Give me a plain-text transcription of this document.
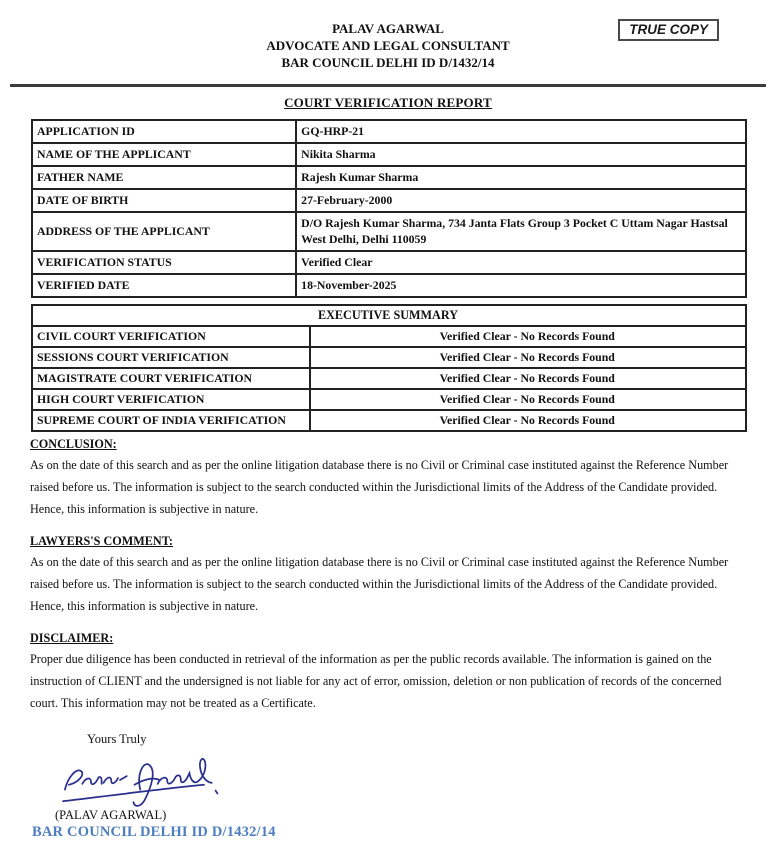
PALAV AGARWAL
ADVOCATE AND LEGAL CONSULTANT
BAR COUNCIL DELHI ID D/1432/14
TRUE COPY
COURT VERIFICATION REPORT
APPLICATION ID	GQ-HRP-21
NAME OF THE APPLICANT	Nikita Sharma
FATHER NAME	Rajesh Kumar Sharma
DATE OF BIRTH	27-February-2000
ADDRESS OF THE APPLICANT	D/O Rajesh Kumar Sharma, 734 Janta Flats Group 3 Pocket C Uttam Nagar Hastsal West Delhi, Delhi 110059
VERIFICATION STATUS	Verified Clear
VERIFIED DATE	18-November-2025
EXECUTIVE SUMMARY	
CIVIL COURT VERIFICATION	Verified Clear - No Records Found
SESSIONS COURT VERIFICATION	Verified Clear - No Records Found
MAGISTRATE COURT VERIFICATION	Verified Clear - No Records Found
HIGH COURT VERIFICATION	Verified Clear - No Records Found
SUPREME COURT OF INDIA VERIFICATION	Verified Clear - No Records Found
CONCLUSION:
As on the date of this search and as per the online litigation database there is no Civil or Criminal case instituted against the Reference Number raised before us. The information is subject to the search conducted within the Jurisdictional limits of the Address of the Candidate provided. Hence, this information is subjective in nature.
LAWYERS'S COMMENT:
As on the date of this search and as per the online litigation database there is no Civil or Criminal case instituted against the Reference Number raised before us. The information is subject to the search conducted within the Jurisdictional limits of the Address of the Candidate provided. Hence, this information is subjective in nature.
DISCLAIMER:
Proper due diligence has been conducted in retrieval of the information as per the public records available. The information is gained on the instruction of CLIENT and the undersigned is not liable for any act of error, omission, deletion or non publication of records of the concerned court. This information may not be treated as a Certificate.
Yours Truly
(PALAV AGARWAL)
BAR COUNCIL DELHI ID D/1432/14
